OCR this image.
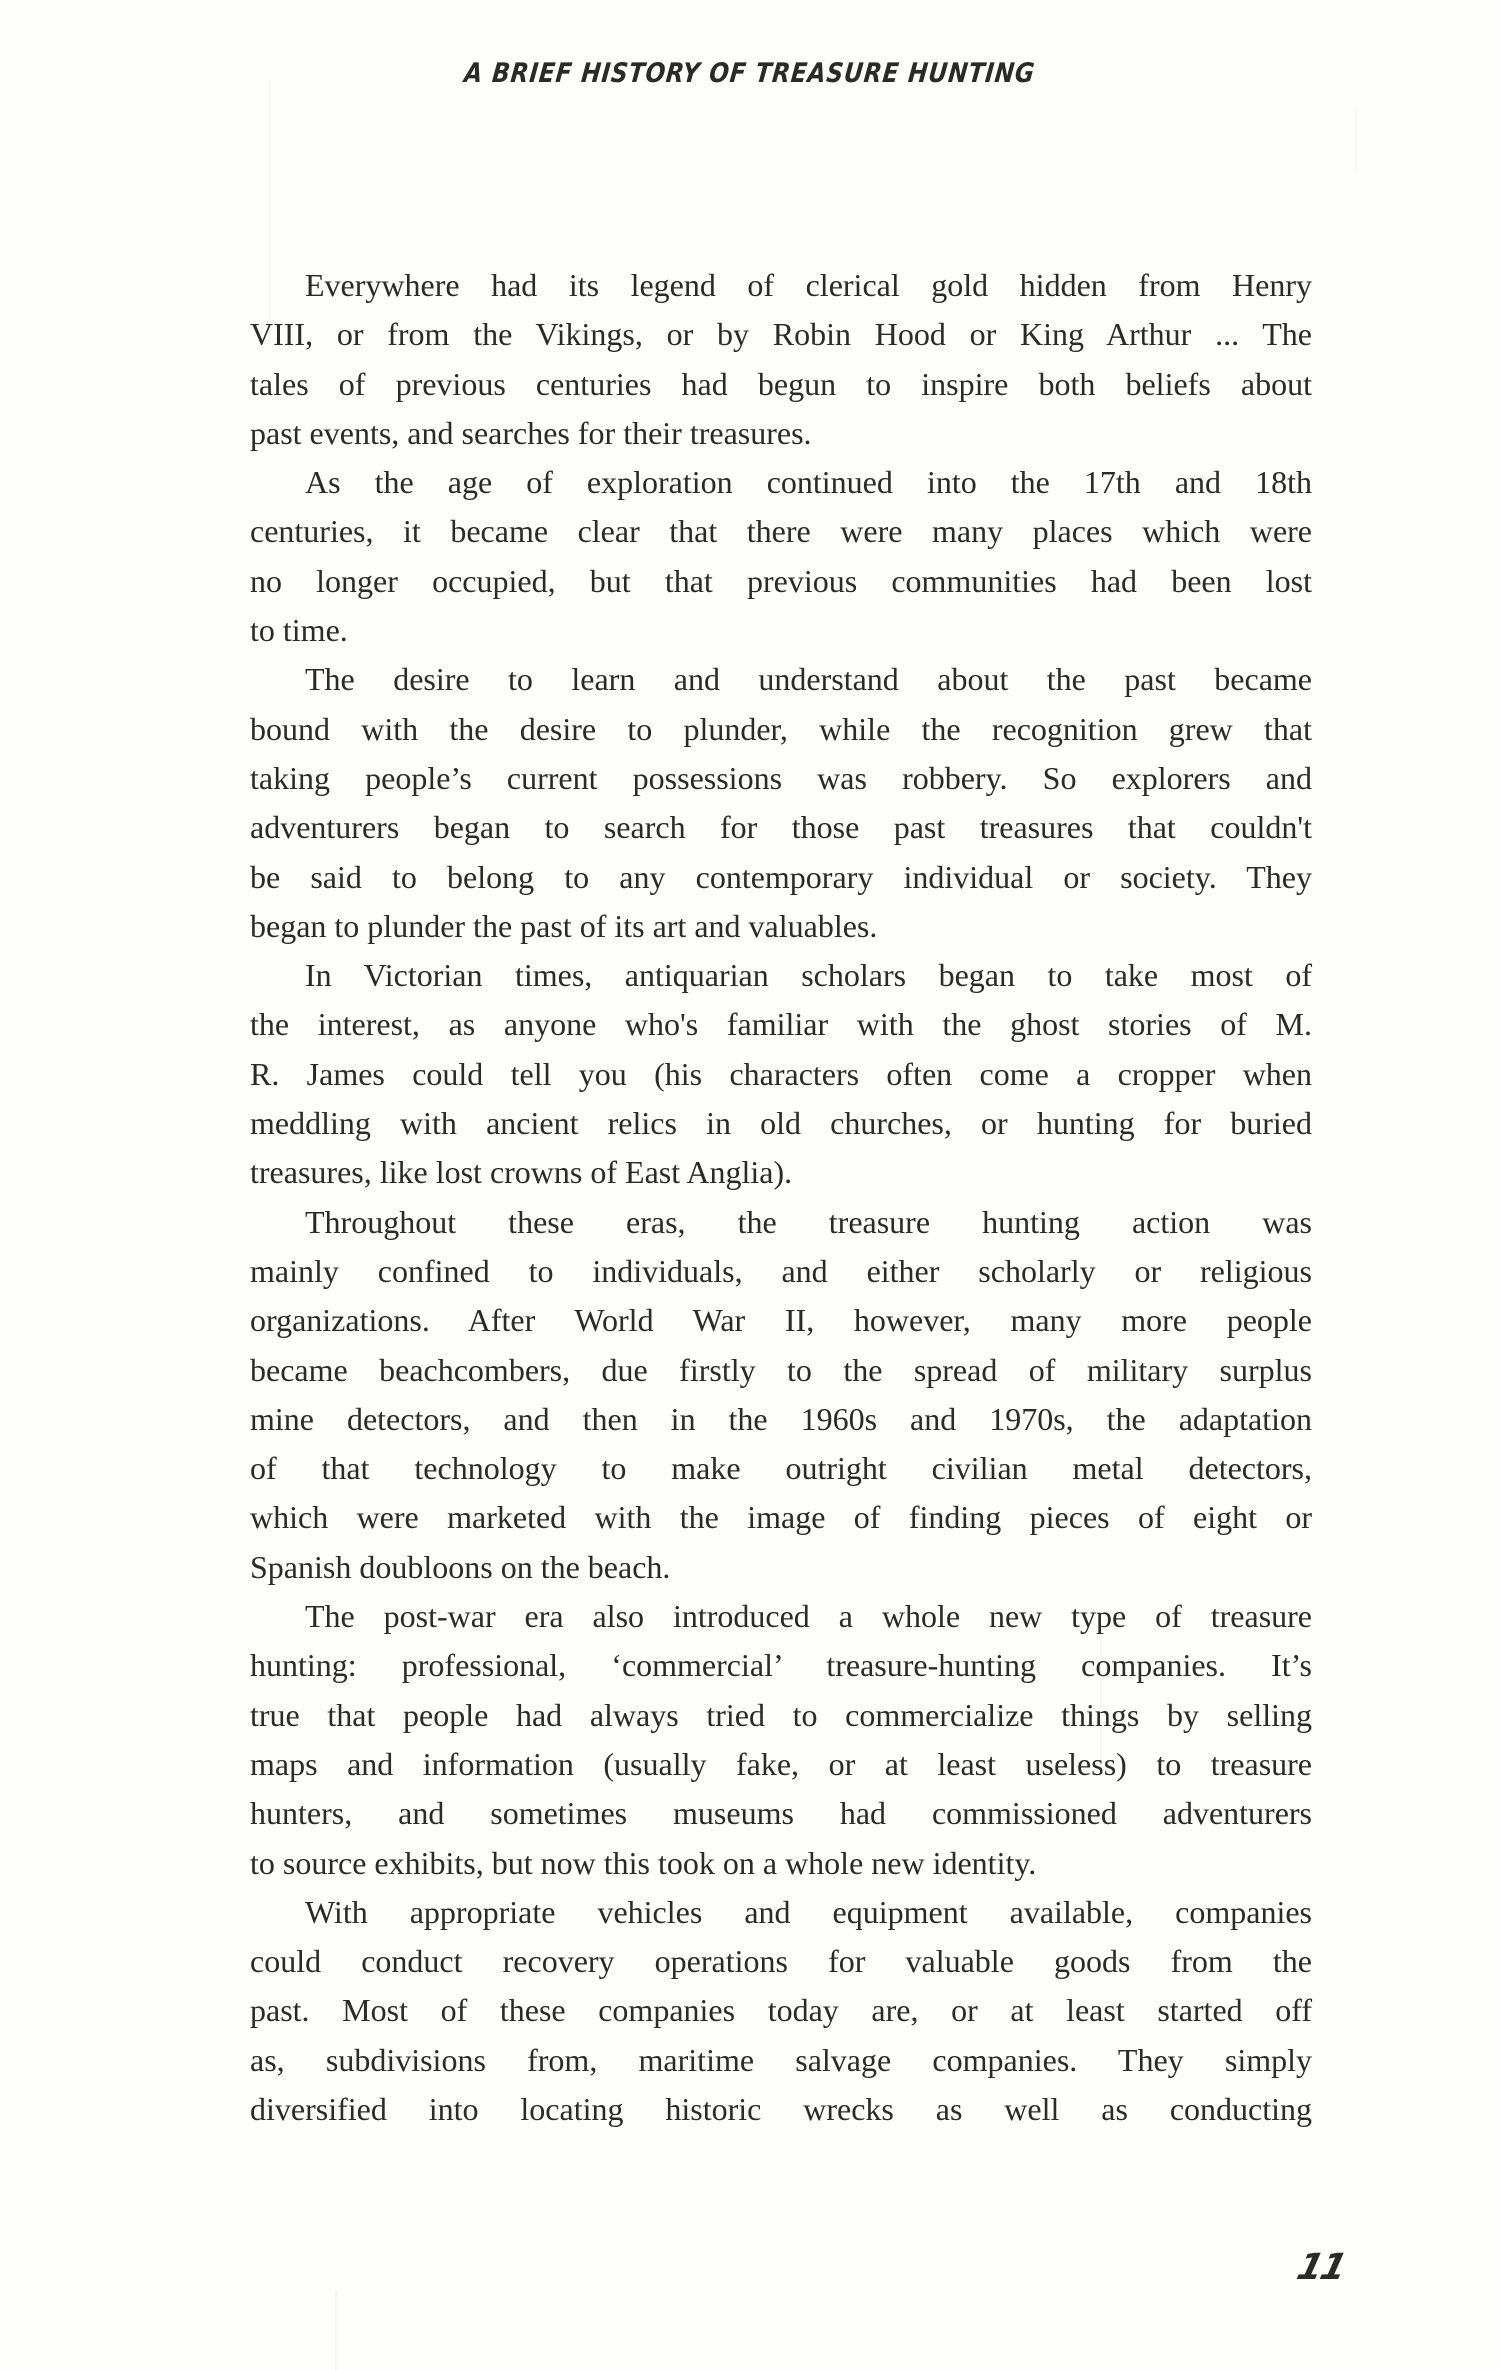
A BRIEF HISTORY OF TREASURE HUNTING

Everywhere had its legend of clerical gold hidden from Henry
VIII, or from the Vikings, or by Robin Hood or King Arthur ... The
tales of previous centuries had begun to inspire both beliefs about
past events, and searches for their treasures.

As the age of exploration continued into the 17th and 18th
centuries, it became clear that there were many places which were
no longer occupied, but that previous communities had been lost
to time.

The desire to learn and understand about the past became
bound with the desire to plunder, while the recognition grew that
taking people’s current possessions was robbery. So explorers and
adventurers began to search for those past treasures that couldn't
be said to belong to any contemporary individual or society. They
began to plunder the past of its art and valuables.

In Victorian times, antiquarian scholars began to take most of
the interest, as anyone who's familiar with the ghost stories of M.
R. James could tell you (his characters often come a cropper when
meddling with ancient relics in old churches, or hunting for buried
treasures, like lost crowns of East Anglia).

Throughout these eras, the treasure hunting action was
mainly confined to individuals, and either scholarly or religious
organizations. After World War II, however, many more people
became beachcombers, due firstly to the spread of military surplus
mine detectors, and then in the 1960s and 1970s, the adaptation
of that technology to make outright civilian metal detectors,
which were marketed with the image of finding pieces of eight or
Spanish doubloons on the beach.

The post-war era also introduced a whole new type of treasure
hunting: professional, ‘commercial’ treasure-hunting companies. It’s
true that people had always tried to commercialize things by selling
maps and information (usually fake, or at least useless) to treasure
hunters, and sometimes museums had commissioned adventurers
to source exhibits, but now this took on a whole new identity.

With appropriate vehicles and equipment available, companies
could conduct recovery operations for valuable goods from the
past. Most of these companies today are, or at least started off
as, subdivisions from, maritime salvage companies. They simply
diversified into locating historic wrecks as well as conducting

11
